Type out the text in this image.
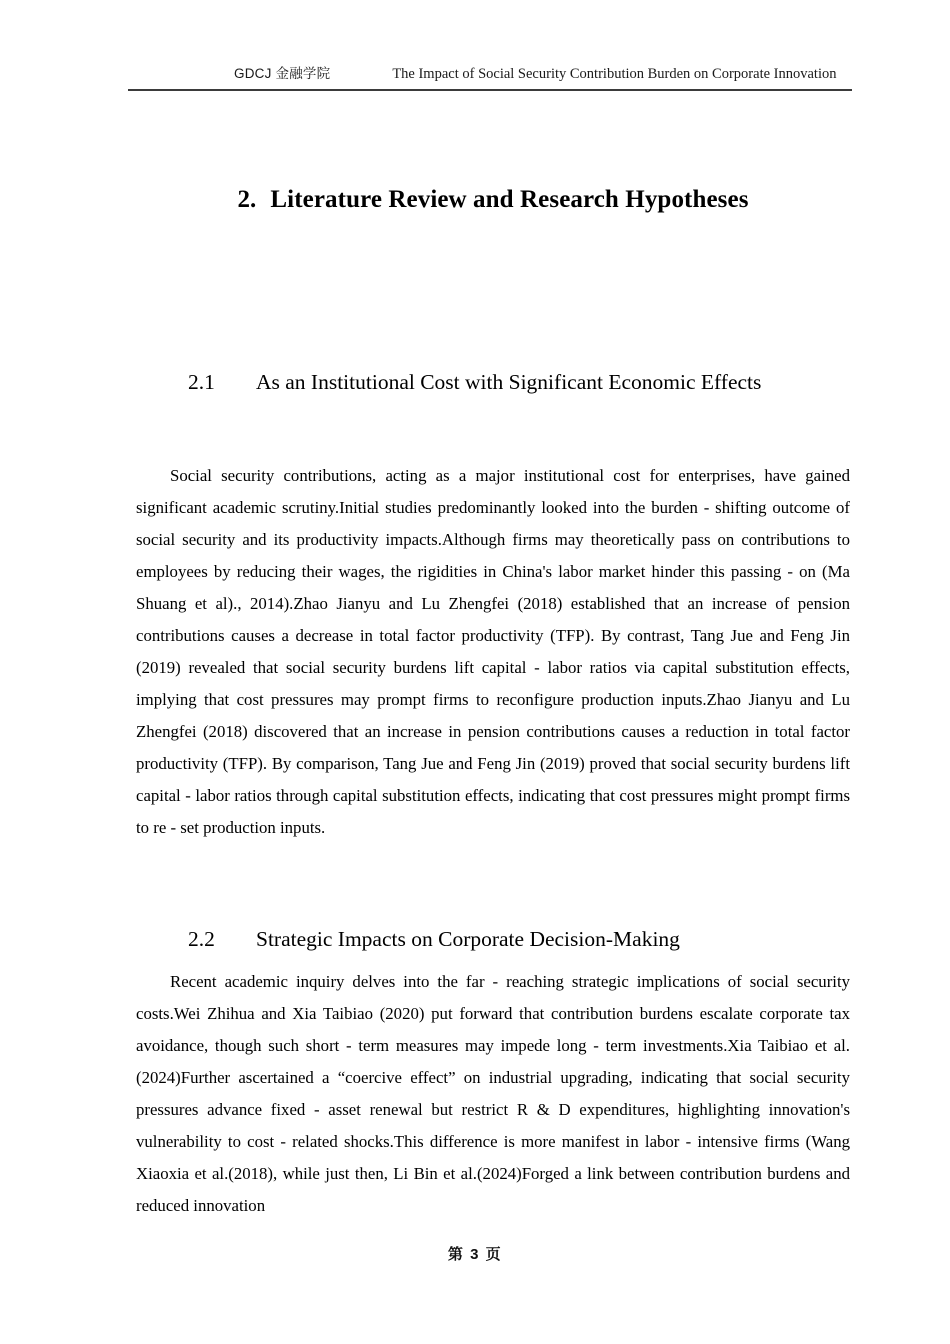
GDCJ 金融学院	The Impact of Social Security Contribution Burden on Corporate Innovation
2. Literature Review and Research Hypotheses
2.1 As an Institutional Cost with Significant Economic Effects

Social security contributions, acting as a major institutional cost for enterprises, have gained significant academic scrutiny.Initial studies predominantly looked into the burden - shifting outcome of social security and its productivity impacts.Although firms may theoretically pass on contributions to employees by reducing their wages, the rigidities in China's labor market hinder this passing - on (Ma Shuang et al)., 2014).Zhao Jianyu and Lu Zhengfei (2018) established that an increase of pension contributions causes a decrease in total factor productivity (TFP). By contrast, Tang Jue and Feng Jin (2019) revealed that social security burdens lift capital - labor ratios via capital substitution effects, implying that cost pressures may prompt firms to reconfigure production inputs.Zhao Jianyu and Lu Zhengfei (2018) discovered that an increase in pension contributions causes a reduction in total factor productivity (TFP). By comparison, Tang Jue and Feng Jin (2019) proved that social security burdens lift capital - labor ratios through capital substitution effects, indicating that cost pressures might prompt firms to re - set production inputs.

2.2 Strategic Impacts on Corporate Decision-Making

Recent academic inquiry delves into the far - reaching strategic implications of social security costs.Wei Zhihua and Xia Taibiao (2020) put forward that contribution burdens escalate corporate tax avoidance, though such short - term measures may impede long - term investments.Xia Taibiao et al.(2024)Further ascertained a “coercive effect” on industrial upgrading, indicating that social security pressures advance fixed - asset renewal but restrict R & D expenditures, highlighting innovation's vulnerability to cost - related shocks.This difference is more manifest in labor - intensive firms (Wang Xiaoxia et al.(2018), while just then, Li Bin et al.(2024)Forged a link between contribution burdens and reduced innovation

第 3 页
